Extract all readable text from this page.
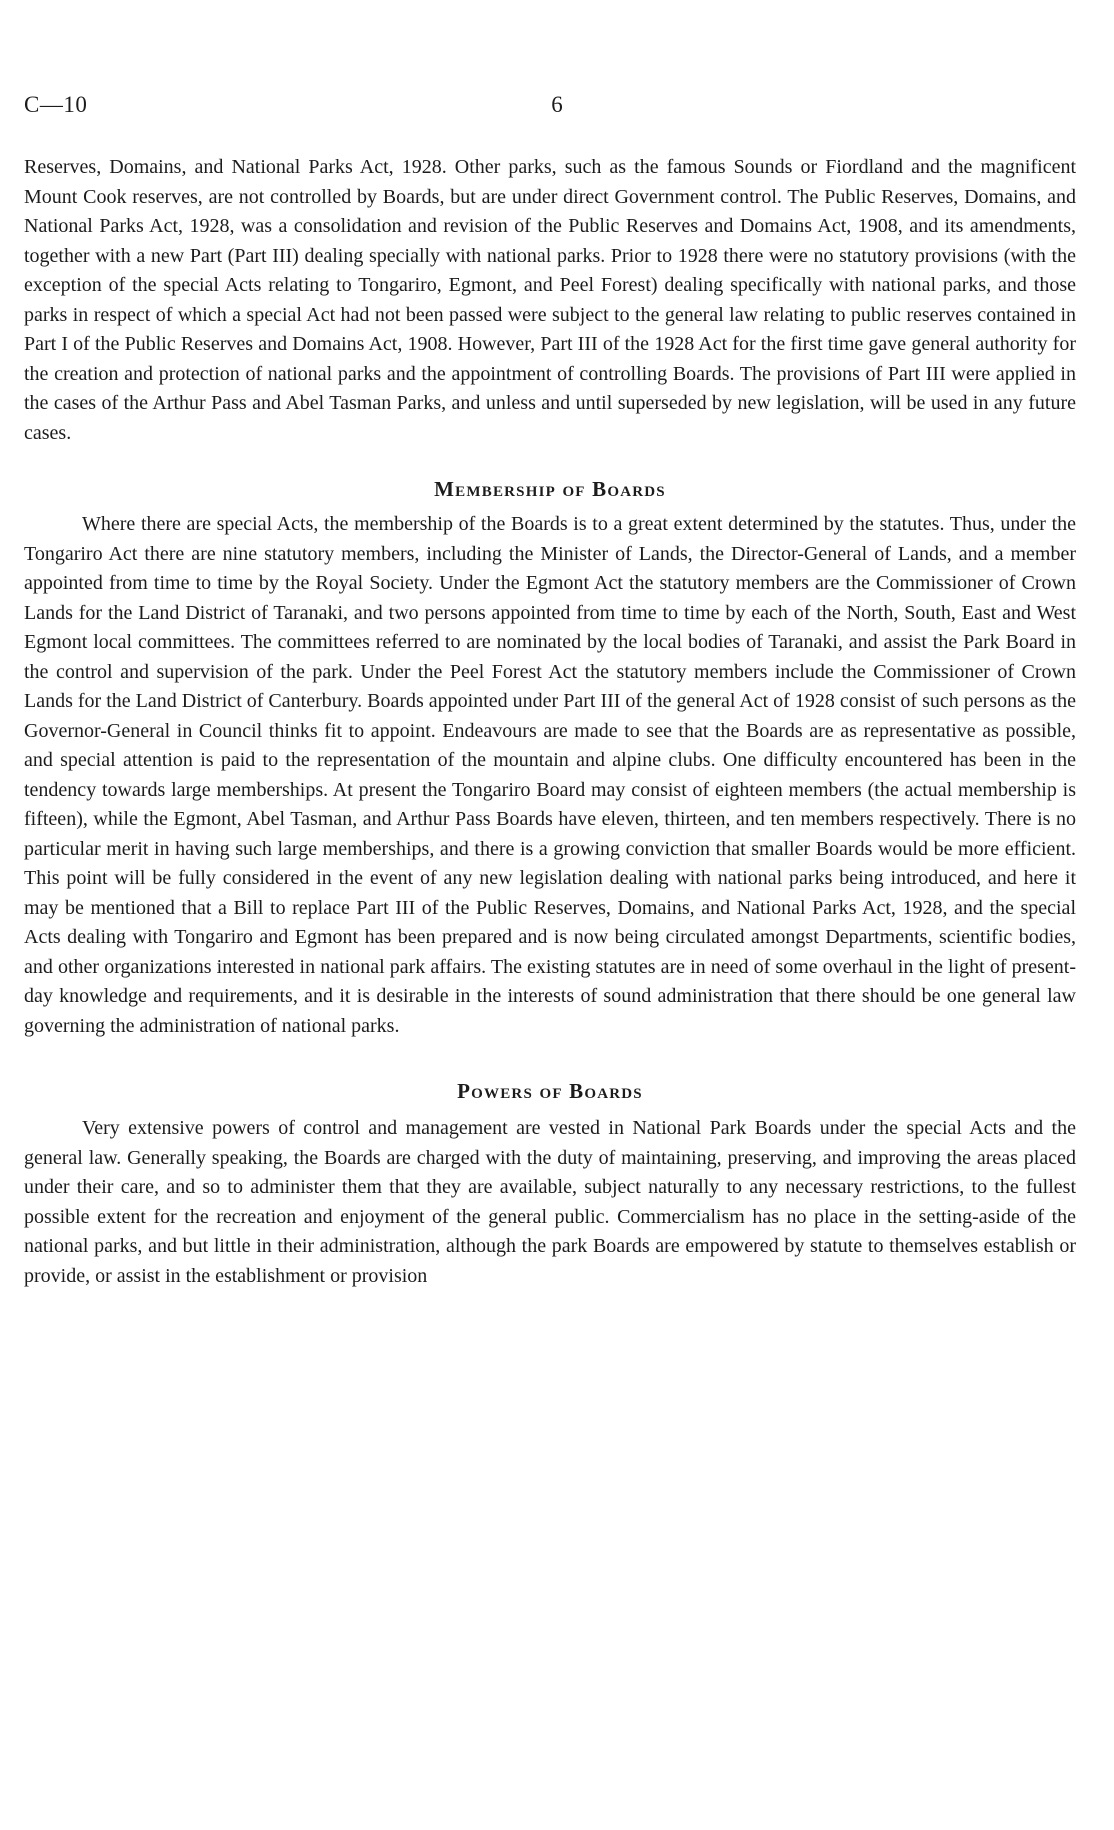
C—10	6

Reserves, Domains, and National Parks Act, 1928. Other parks, such as the famous Sounds or Fiordland and the magnificent Mount Cook reserves, are not controlled by Boards, but are under direct Government control. The Public Reserves, Domains, and National Parks Act, 1928, was a consolidation and revision of the Public Reserves and Domains Act, 1908, and its amendments, together with a new Part (Part III) dealing specially with national parks. Prior to 1928 there were no statutory provisions (with the exception of the special Acts relating to Tongariro, Egmont, and Peel Forest) dealing specifically with national parks, and those parks in respect of which a special Act had not been passed were subject to the general law relating to public reserves contained in Part I of the Public Reserves and Domains Act, 1908. However, Part III of the 1928 Act for the first time gave general authority for the creation and protection of national parks and the appointment of controlling Boards. The provisions of Part III were applied in the cases of the Arthur Pass and Abel Tasman Parks, and unless and until superseded by new legislation, will be used in any future cases.

Membership of Boards

Where there are special Acts, the membership of the Boards is to a great extent determined by the statutes. Thus, under the Tongariro Act there are nine statutory members, including the Minister of Lands, the Director-General of Lands, and a member appointed from time to time by the Royal Society. Under the Egmont Act the statutory members are the Commissioner of Crown Lands for the Land District of Taranaki, and two persons appointed from time to time by each of the North, South, East and West Egmont local committees. The committees referred to are nominated by the local bodies of Taranaki, and assist the Park Board in the control and supervision of the park. Under the Peel Forest Act the statutory members include the Commissioner of Crown Lands for the Land District of Canterbury. Boards appointed under Part III of the general Act of 1928 consist of such persons as the Governor-General in Council thinks fit to appoint. Endeavours are made to see that the Boards are as representative as possible, and special attention is paid to the representation of the mountain and alpine clubs. One difficulty encountered has been in the tendency towards large memberships. At present the Tongariro Board may consist of eighteen members (the actual membership is fifteen), while the Egmont, Abel Tasman, and Arthur Pass Boards have eleven, thirteen, and ten members respectively. There is no particular merit in having such large memberships, and there is a growing conviction that smaller Boards would be more efficient. This point will be fully considered in the event of any new legislation dealing with national parks being introduced, and here it may be mentioned that a Bill to replace Part III of the Public Reserves, Domains, and National Parks Act, 1928, and the special Acts dealing with Tongariro and Egmont has been prepared and is now being circulated amongst Departments, scientific bodies, and other organizations interested in national park affairs. The existing statutes are in need of some overhaul in the light of present-day knowledge and requirements, and it is desirable in the interests of sound administration that there should be one general law governing the administration of national parks.

Powers of Boards

Very extensive powers of control and management are vested in National Park Boards under the special Acts and the general law. Generally speaking, the Boards are charged with the duty of maintaining, preserving, and improving the areas placed under their care, and so to administer them that they are available, subject naturally to any necessary restrictions, to the fullest possible extent for the recreation and enjoyment of the general public. Commercialism has no place in the setting-aside of the national parks, and but little in their administration, although the park Boards are empowered by statute to themselves establish or provide, or assist in the establishment or provision
